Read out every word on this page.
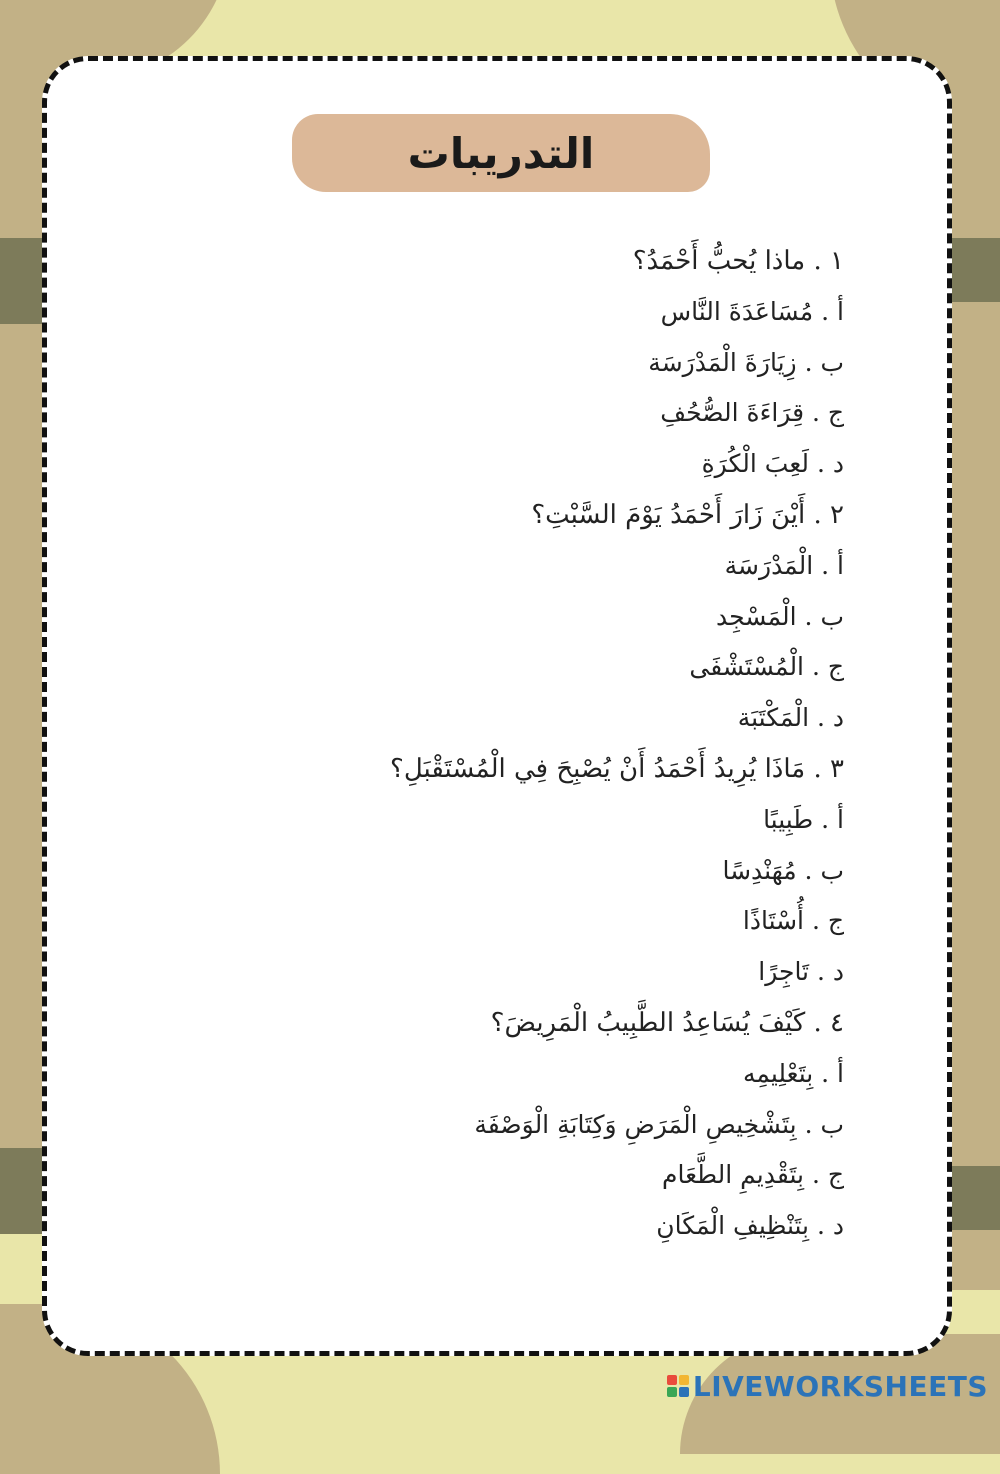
التدريبات
١ . ماذا يُحبُّ أَحْمَدُ؟
أ . مُسَاعَدَةَ النَّاس
ب . زِيَارَةَ الْمَدْرَسَة
ج . قِرَاءَةَ الصُّحُفِ
د . لَعِبَ الْكُرَةِ
٢ . أَيْنَ زَارَ أَحْمَدُ يَوْمَ السَّبْتِ؟
أ . الْمَدْرَسَة
ب . الْمَسْجِد
ج . الْمُسْتَشْفَى
د . الْمَكْتَبَة
٣ . مَاذَا يُرِيدُ أَحْمَدُ أَنْ يُصْبِحَ فِي الْمُسْتَقْبَلِ؟
أ . طَبِيبًا
ب . مُهَنْدِسًا
ج . أُسْتَاذًا
د . تَاجِرًا
٤ . كَيْفَ يُسَاعِدُ الطَّبِيبُ الْمَرِيضَ؟
أ . بِتَعْلِيمِه
ب . بِتَشْخِيصِ الْمَرَضِ وَكِتَابَةِ الْوَصْفَة
ج . بِتَقْدِيمِ الطَّعَام
د . بِتَنْظِيفِ الْمَكَانِ
LIVEWORKSHEETS
